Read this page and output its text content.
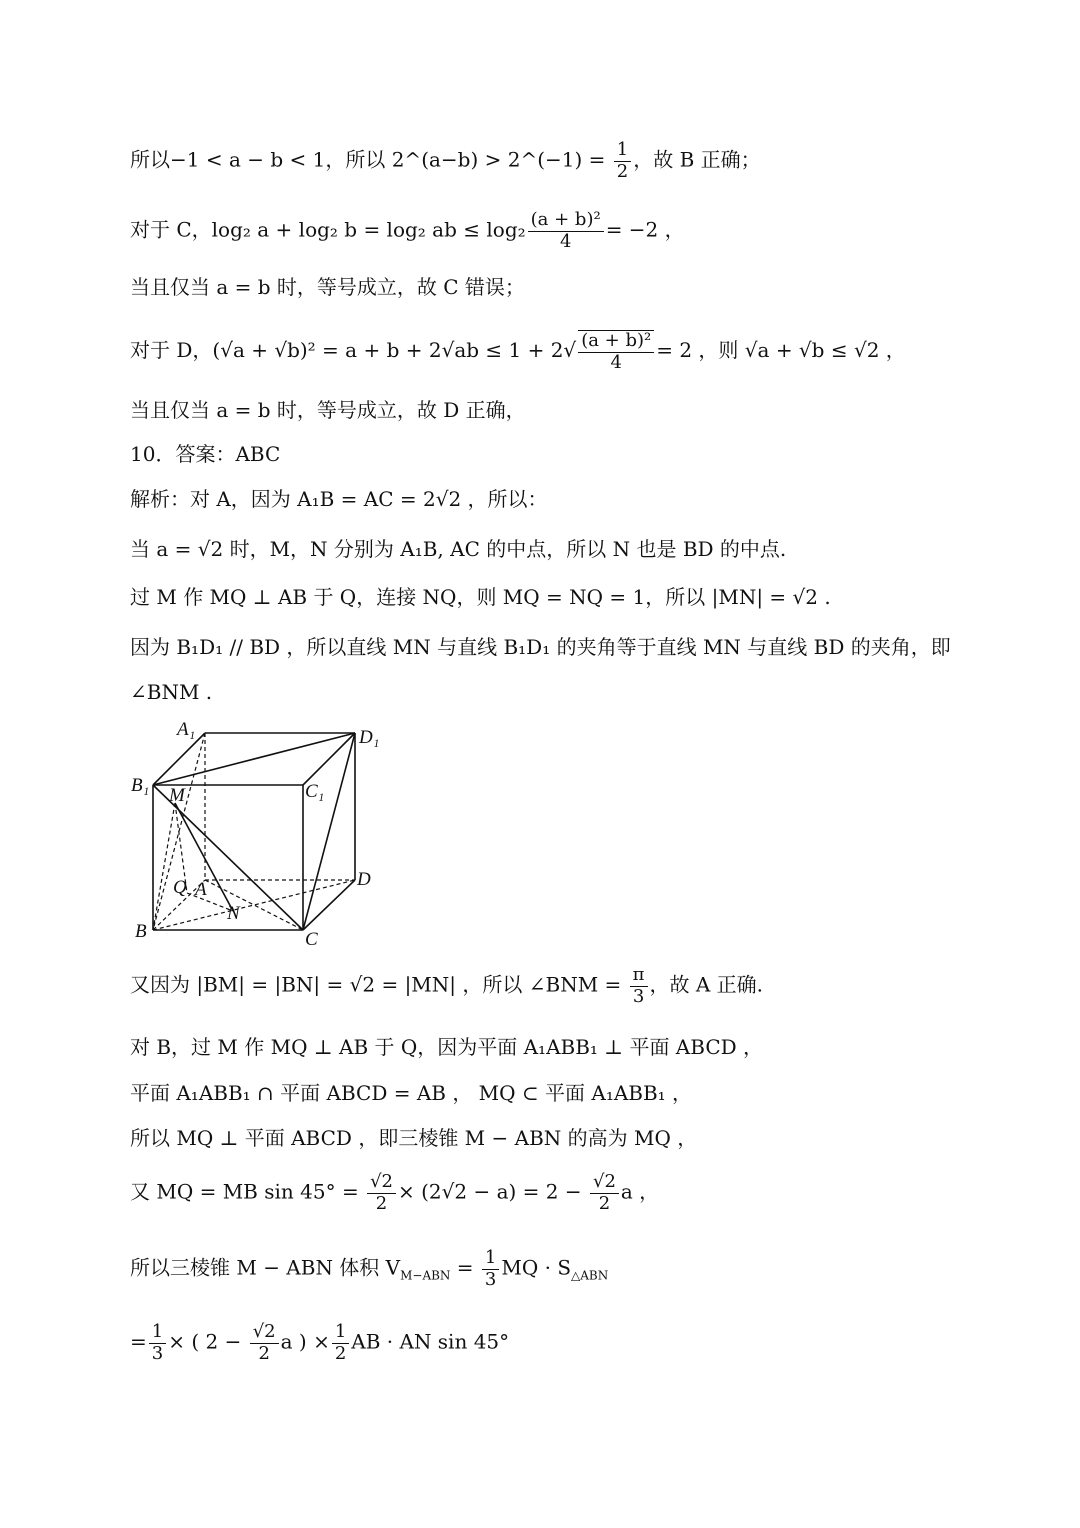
所以−1 < a − b < 1，所以 2^(a−b) > 2^(−1) = $\frac{1}{2}$ ，故 B 正确；
对于 C，log₂ a + log₂ b = log₂ ab ≤ $\log_2 \frac{\text{(a + b)²}}{4} = -2$ ，
当且仅当 a = b 时，等号成立，故 C 错误；
对于 D，$(√a + √b)^2 = a + b + 2√ab \le 1 + 2√ \frac{\text{(a + b)²}}{4} = 2$ ，则 √a + √b ≤ √2 ，
当且仅当 a = b 时，等号成立，故 D 正确，
10．答案：ABC
解析：对 A，因为 A₁B = AC = 2√2 ，所以：
当 a = √2 时，M，N 分别为 A₁B, AC 的中点，所以 N 也是 BD 的中点.
过 M 作 MQ ⊥ AB 于 Q，连接 NQ，则 MQ = NQ = 1，所以 |MN| = √2 .
因为 B₁D₁ // BD ，所以直线 MN 与直线 B₁D₁ 的夹角等于直线 MN 与直线 BD 的夹角，即
∠BNM .
A₁	D₁
B₁	C₁
M
Q A
N
B	C
D
又因为 |BM| = |BN| = √2 = |MN| ，所以 ∠BNM = $\frac{\pi}{3}$ ，故 A 正确.
对 B，过 M 作 MQ ⊥ AB 于 Q，因为平面 A₁ABB₁ ⊥ 平面 ABCD ，
平面 A₁ABB₁ ∩ 平面 ABCD = AB ， MQ ⊂ 平面 A₁ABB₁ ，
所以 MQ ⊥ 平面 ABCD ，即三棱锥 M − ABN 的高为 MQ ，
又 MQ = MB $\sin 45^\circ = \frac{√2}{2} \times (2√2 - a) = 2 - \frac{√2}{2}$ a ，
所以三棱锥 M − ABN 体积 $V_{M-ABN} = \frac{1}{3}$ MQ · $S_{\triangle ABN}$
= $\frac{1}{3}$ × ( $2 - \frac{√2}{2}$ a ) × $\frac{1}{2}$ AB · AN sin 45°
